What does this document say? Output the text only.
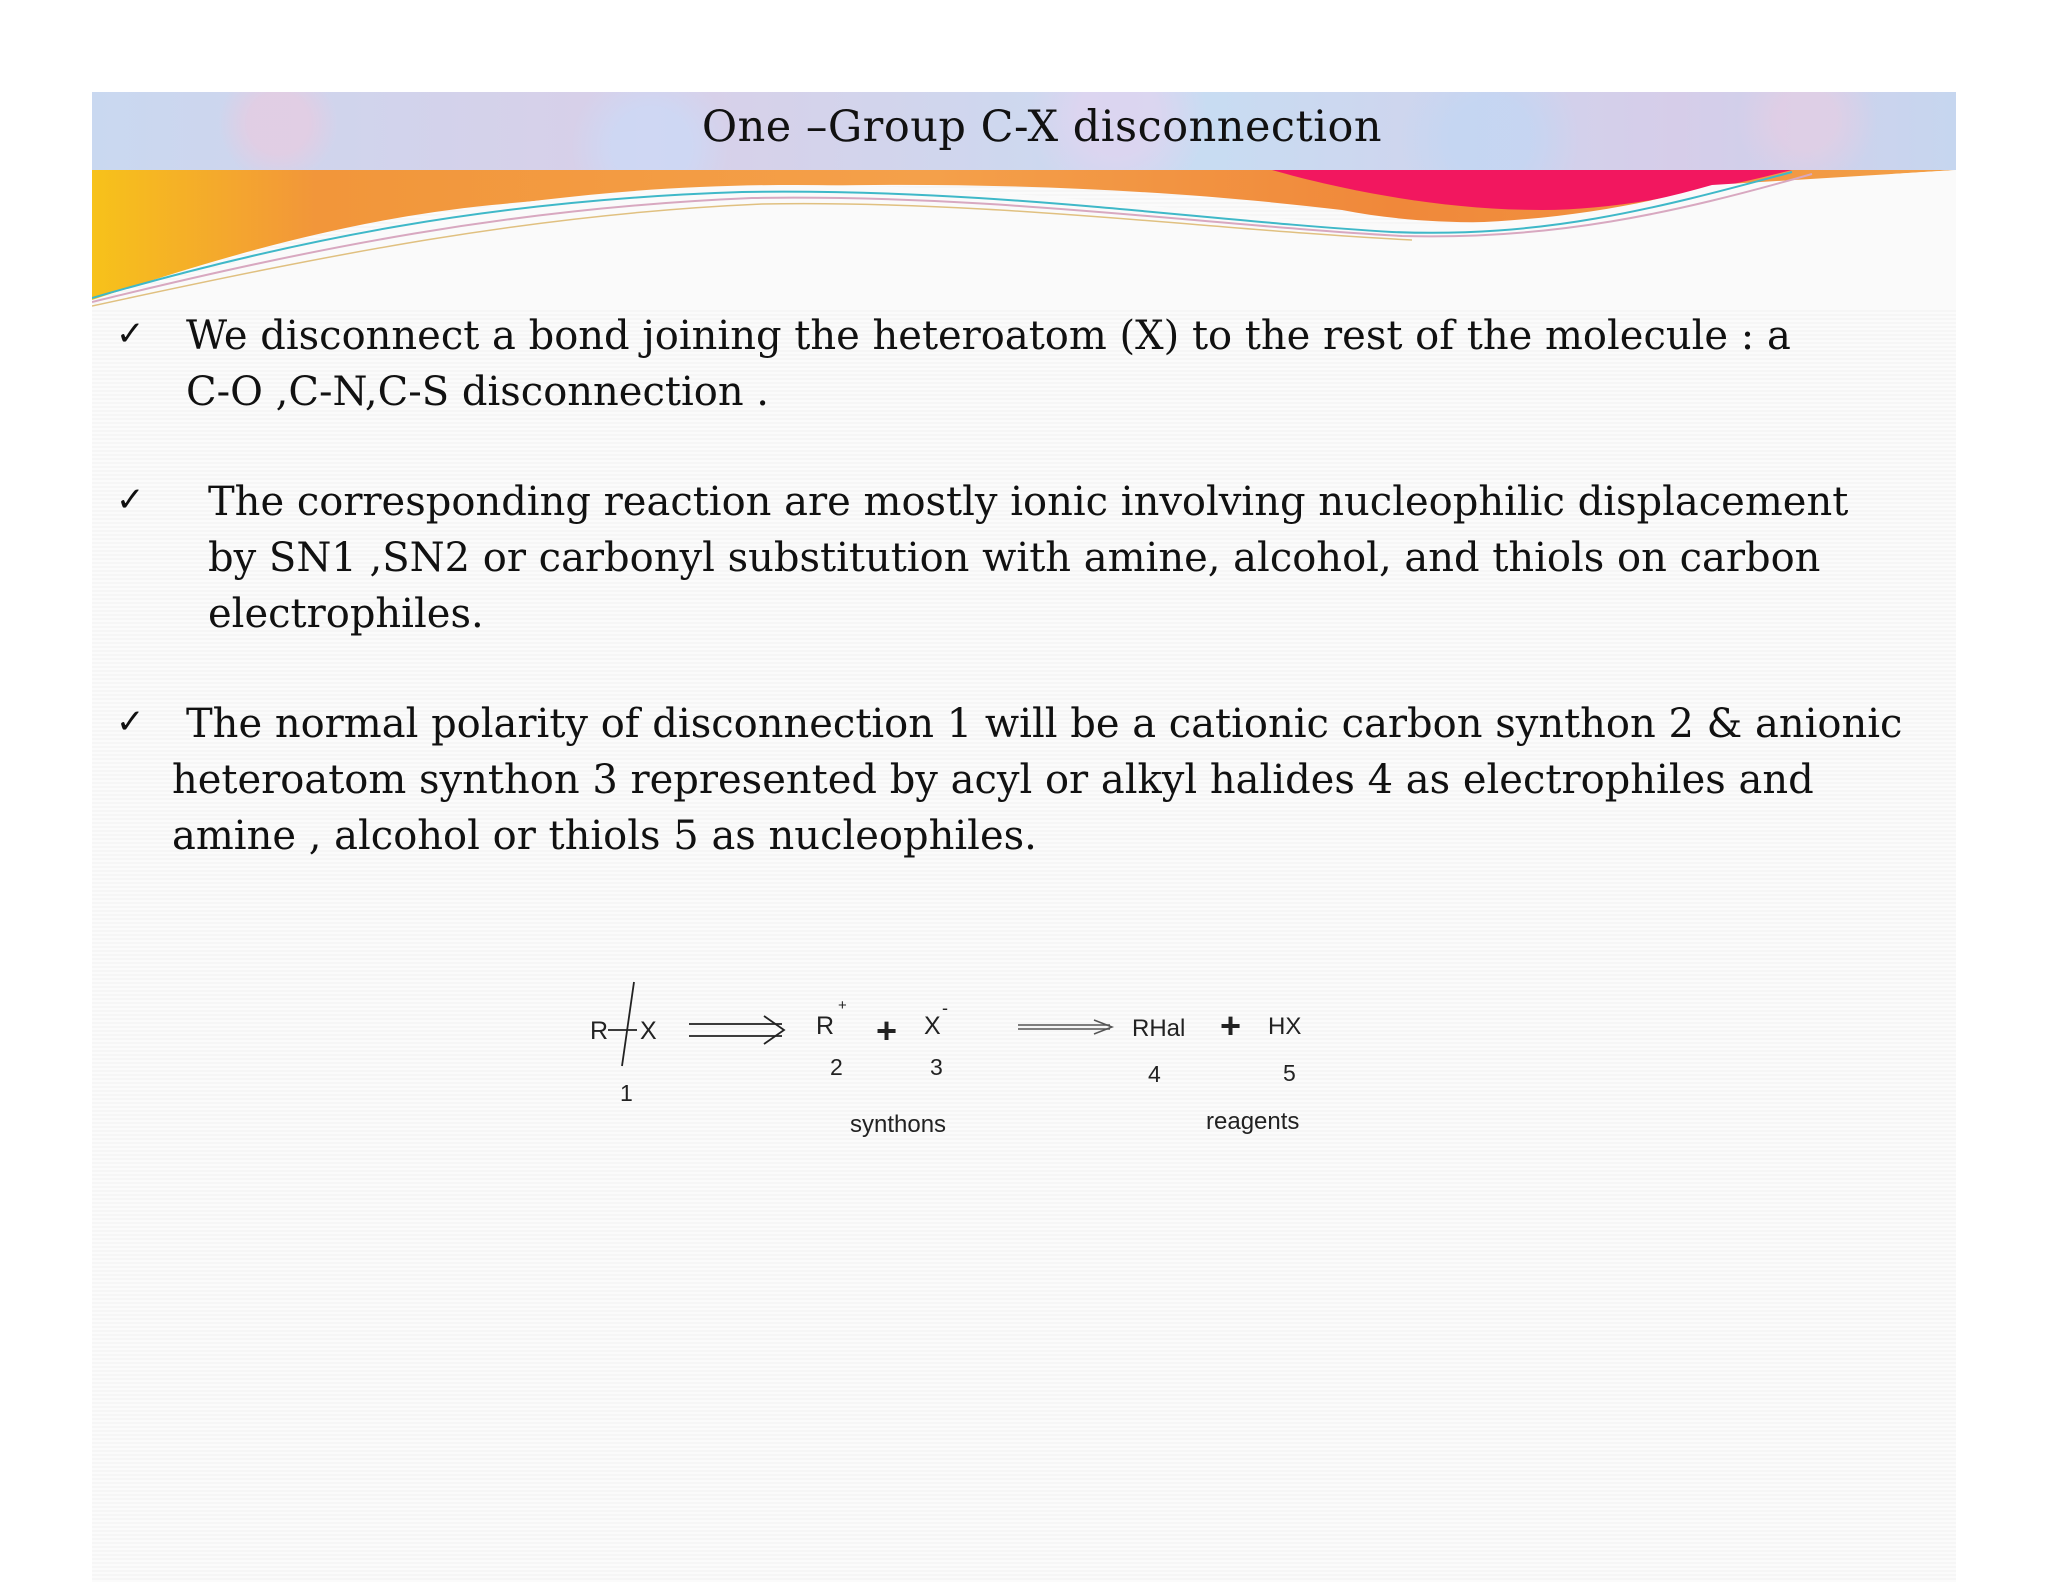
One –Group C-X disconnection
✓ We disconnect a bond joining the heteroatom (X) to the rest of the molecule : a
C-O ,C-N,C-S disconnection .
✓ The corresponding reaction are mostly ionic involving nucleophilic displacement
by SN1 ,SN2 or carbonyl substitution with amine, alcohol, and thiols on carbon
electrophiles.
✓	The normal polarity of disconnection 1 will be a cationic carbon synthon 2 & anionic
heteroatom synthon 3 represented by acyl or alkyl halides 4 as electrophiles and
amine , alcohol or thiols 5 as nucleophiles.
R X
1
R
+
2
+ X
-
3
RHal
4
+ HX
5
synthons	reagents
